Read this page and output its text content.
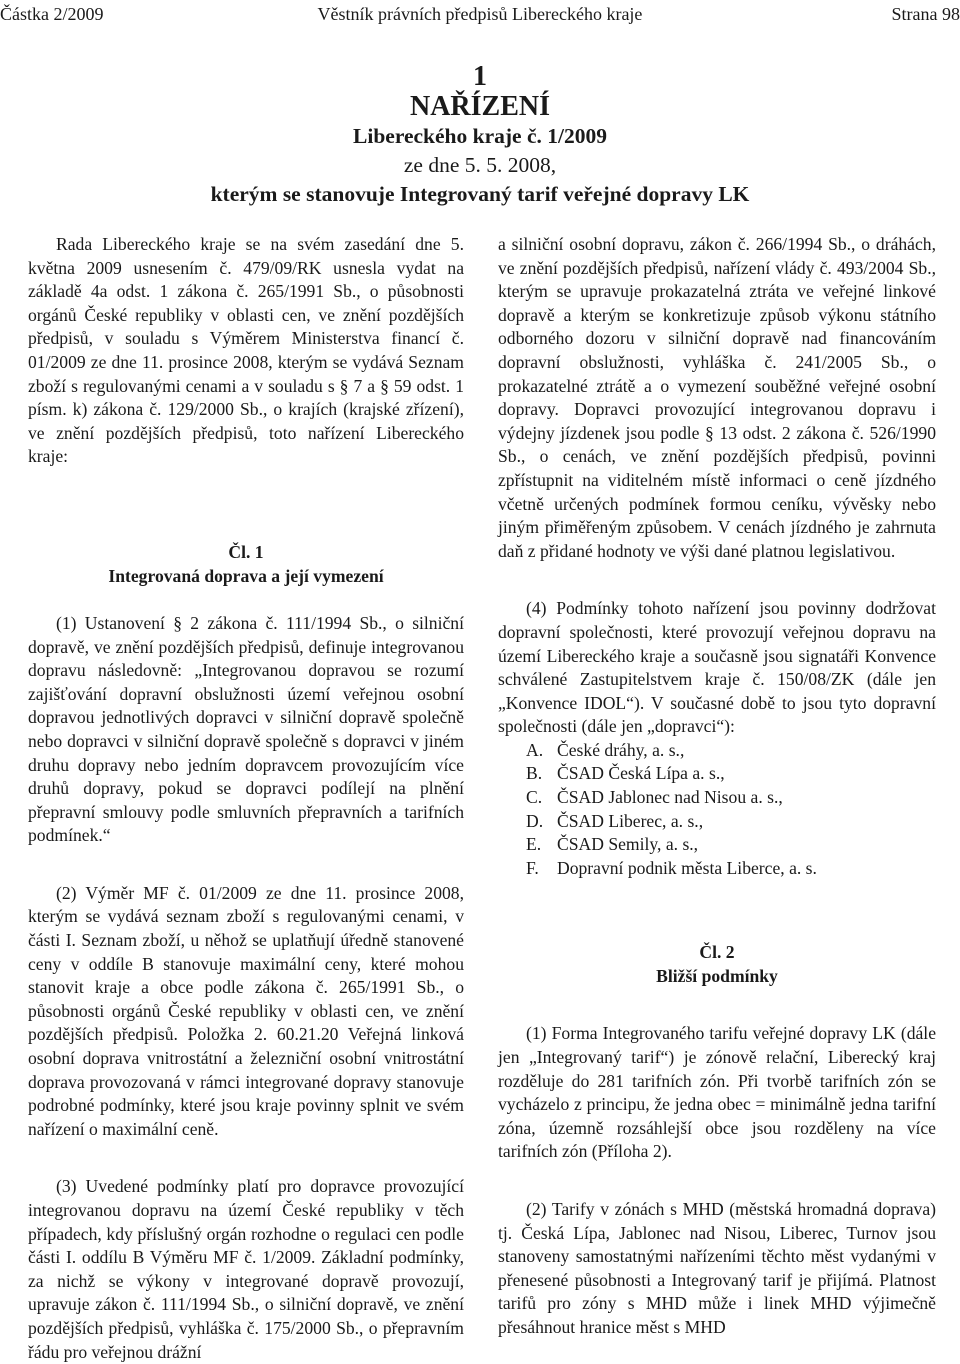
Částka 2/2009	Věstník právních předpisů Libereckého kraje	Strana 98
1
NAŘÍZENÍ
Libereckého kraje č. 1/2009
ze dne 5. 5. 2008,
kterým se stanovuje Integrovaný tarif veřejné dopravy LK

Rada Libereckého kraje se na svém zasedání dne 5. května 2009 usnesením č. 479/09/RK usnesla vydat na základě 4a odst. 1 zákona č. 265/1991 Sb., o působnosti orgánů České republiky v oblasti cen, ve znění pozdějších předpisů, v souladu s Výměrem Ministerstva financí č. 01/2009 ze dne 11. prosince 2008, kterým se vydává Seznam zboží s regulovanými cenami a v souladu s § 7 a § 59 odst. 1 písm. k) zákona č. 129/2000 Sb., o krajích (krajské zřízení), ve znění pozdějších předpisů, toto nařízení Libereckého kraje:

Čl. 1

Integrovaná doprava a její vymezení

(1) Ustanovení § 2 zákona č. 111/1994 Sb., o silniční dopravě, ve znění pozdějších předpisů, definuje integrovanou dopravu následovně: „Integrovanou dopravou se rozumí zajišťování dopravní obslužnosti území veřejnou osobní dopravou jednotlivých dopravci v silniční dopravě společně nebo dopravci v silniční dopravě společně s dopravci v jiném druhu dopravy nebo jedním dopravcem provozujícím více druhů dopravy, pokud se dopravci podílejí na plnění přepravní smlouvy podle smluvních přepravních a tarifních podmínek.“

(2) Výměr MF č. 01/2009 ze dne 11. prosince 2008, kterým se vydává seznam zboží s regulovanými cenami, v části I. Seznam zboží, u něhož se uplatňují úředně stanovené ceny v oddíle B stanovuje maximální ceny, které mohou stanovit kraje a obce podle zákona č. 265/1991 Sb., o působnosti orgánů České republiky v oblasti cen, ve znění pozdějších předpisů. Položka 2. 60.21.20 Veřejná linková osobní doprava vnitrostátní a železniční osobní vnitrostátní doprava provozovaná v rámci integrované dopravy stanovuje podrobné podmínky, které jsou kraje povinny splnit ve svém nařízení o maximální ceně.

(3) Uvedené podmínky platí pro dopravce provozující integrovanou dopravu na území České republiky v těch případech, kdy příslušný orgán rozhodne o regulaci cen podle části I. oddílu B Výměru MF č. 1/2009. Základní podmínky, za nichž se výkony v integrované dopravě provozují, upravuje zákon č. 111/1994 Sb., o silniční dopravě, ve znění pozdějších předpisů, vyhláška č. 175/2000 Sb., o přepravním řádu pro veřejnou drážní

a silniční osobní dopravu, zákon č. 266/1994 Sb., o dráhách, ve znění pozdějších předpisů, nařízení vlády č. 493/2004 Sb., kterým se upravuje prokazatelná ztráta ve veřejné linkové dopravě a kterým se konkretizuje způsob výkonu státního odborného dozoru v silniční dopravě nad financováním dopravní obslužnosti, vyhláška č. 241/2005 Sb., o prokazatelné ztrátě a o vymezení souběžné veřejné osobní dopravy. Dopravci provozující integrovanou dopravu i výdejny jízdenek jsou podle § 13 odst. 2 zákona č. 526/1990 Sb., o cenách, ve znění pozdějších předpisů, povinni zpřístupnit na viditelném místě informaci o ceně jízdného včetně určených podmínek formou ceníku, vývěsky nebo jiným přiměřeným způsobem. V cenách jízdného je zahrnuta daň z přidané hodnoty ve výši dané platnou legislativou.

(4) Podmínky tohoto nařízení jsou povinny dodržovat dopravní společnosti, které provozují veřejnou dopravu na území Libereckého kraje a současně jsou signatáři Konvence schválené Zastupitelstvem kraje č. 150/08/ZK (dále jen „Konvence IDOL“). V současné době to jsou tyto dopravní společnosti (dále jen „dopravci“):

A. České dráhy, a. s.,
B. ČSAD Česká Lípa a. s.,
C. ČSAD Jablonec nad Nisou a. s.,
D. ČSAD Liberec, a. s.,
E. ČSAD Semily, a. s.,
F.	Dopravní podnik města Liberce, a. s.

Čl. 2

Bližší podmínky

(1) Forma Integrovaného tarifu veřejné dopravy LK (dále jen „Integrovaný tarif“) je zónově relační, Liberecký kraj rozděluje do 281 tarifních zón. Při tvorbě tarifních zón se vycházelo z principu, že jedna obec = minimálně jedna tarifní zóna, územně rozsáhlejší obce jsou rozděleny na více tarifních zón (Příloha 2).

(2) Tarify v zónách s MHD (městská hromadná doprava) tj. Česká Lípa, Jablonec nad Nisou, Liberec, Turnov jsou stanoveny samostatnými nařízeními těchto měst vydanými v přenesené působnosti a Integrovaný tarif je přijímá. Platnost tarifů pro zóny s MHD může i linek MHD výjimečně přesáhnout hranice měst s MHD
